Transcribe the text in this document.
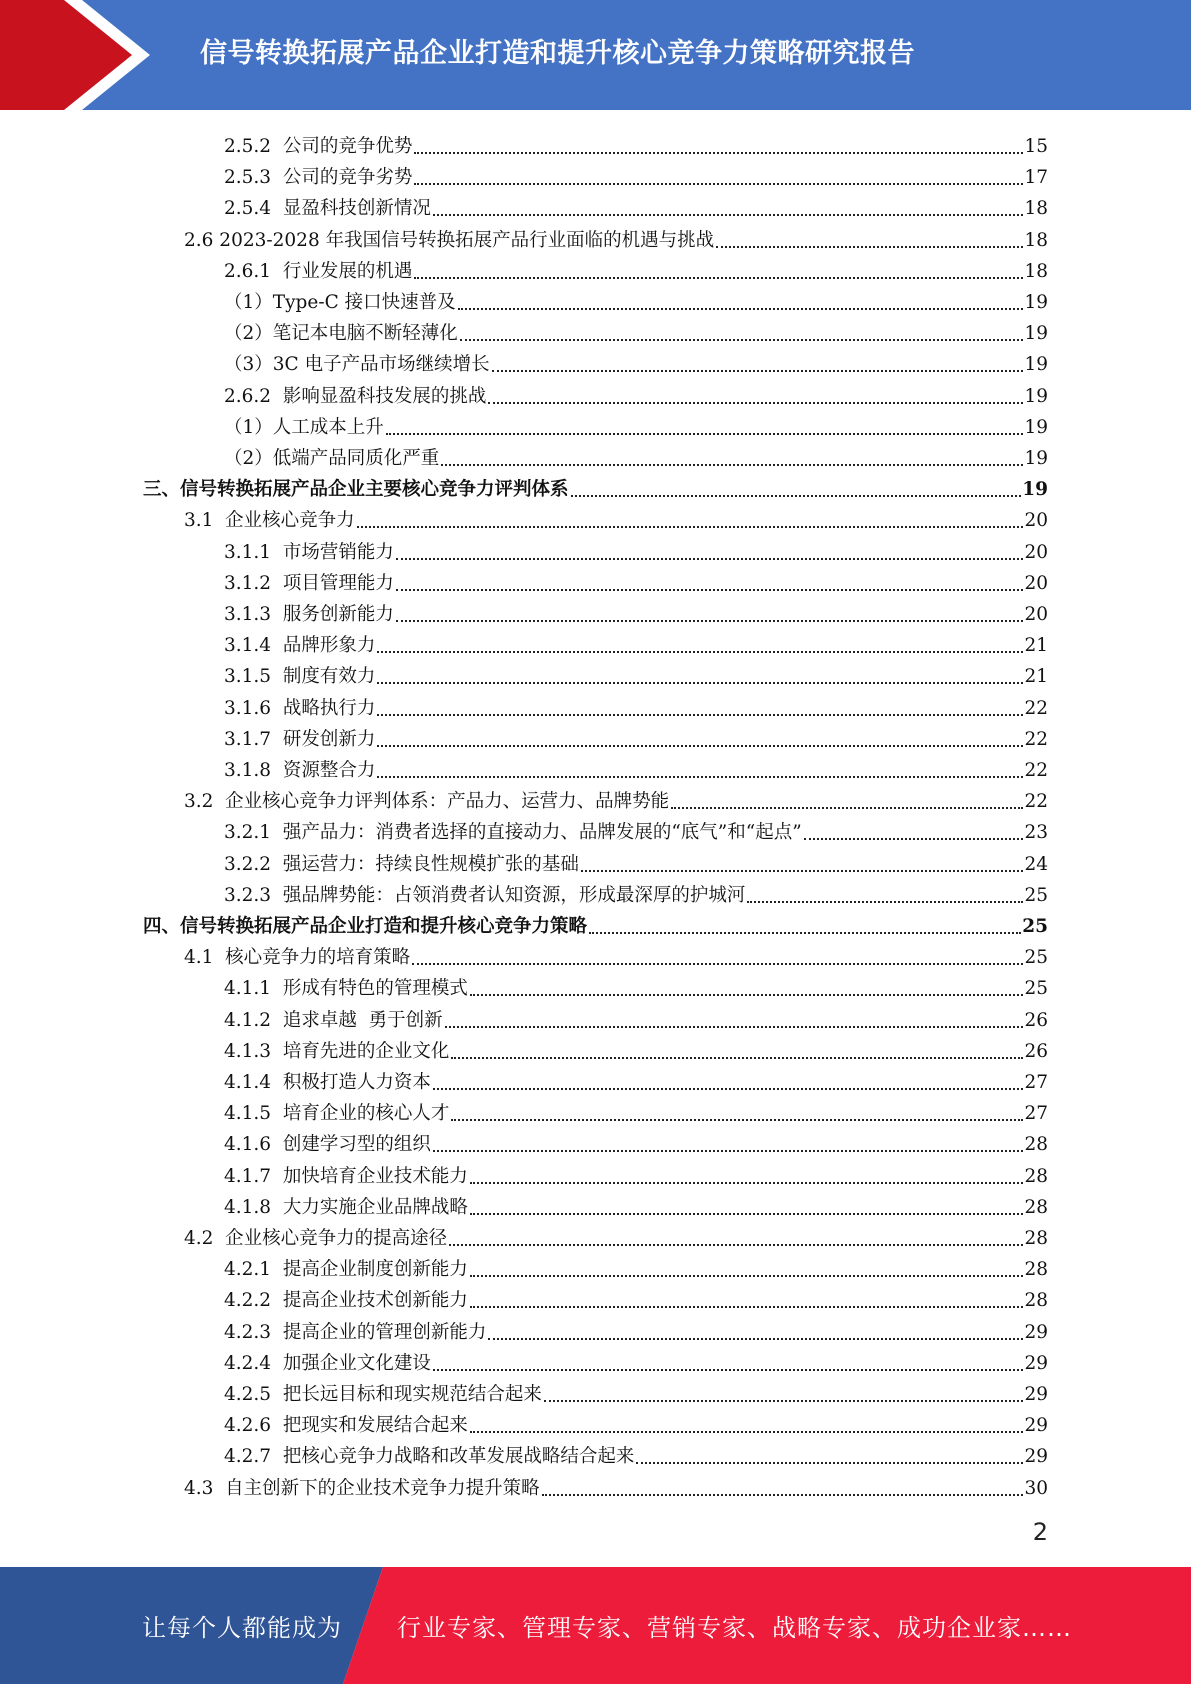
信号转换拓展产品企业打造和提升核心竞争力策略研究报告
2.5.2  公司的竞争优势	15
2.5.3  公司的竞争劣势	17
2.5.4  显盈科技创新情况	18
2.6 2023-2028 年我国信号转换拓展产品行业面临的机遇与挑战	18
2.6.1  行业发展的机遇	18
（1）Type-C 接口快速普及	19
（2）笔记本电脑不断轻薄化	19
（3）3C 电子产品市场继续增长	19
2.6.2  影响显盈科技发展的挑战	19
（1）人工成本上升	19
（2）低端产品同质化严重	19
三、信号转换拓展产品企业主要核心竞争力评判体系	19
3.1  企业核心竞争力	20
3.1.1  市场营销能力	20
3.1.2  项目管理能力	20
3.1.3  服务创新能力	20
3.1.4  品牌形象力	21
3.1.5  制度有效力	21
3.1.6  战略执行力	22
3.1.7  研发创新力	22
3.1.8  资源整合力	22
3.2  企业核心竞争力评判体系：产品力、运营力、品牌势能	22
3.2.1  强产品力：消费者选择的直接动力、品牌发展的“底气”和“起点”	23
3.2.2  强运营力：持续良性规模扩张的基础	24
3.2.3  强品牌势能：占领消费者认知资源，形成最深厚的护城河	25
四、信号转换拓展产品企业打造和提升核心竞争力策略	25
4.1  核心竞争力的培育策略	25
4.1.1  形成有特色的管理模式	25
4.1.2  追求卓越  勇于创新	26
4.1.3  培育先进的企业文化	26
4.1.4  积极打造人力资本	27
4.1.5  培育企业的核心人才	27
4.1.6  创建学习型的组织	28
4.1.7  加快培育企业技术能力	28
4.1.8  大力实施企业品牌战略	28
4.2  企业核心竞争力的提高途径	28
4.2.1  提高企业制度创新能力	28
4.2.2  提高企业技术创新能力	28
4.2.3  提高企业的管理创新能力	29
4.2.4  加强企业文化建设	29
4.2.5  把长远目标和现实规范结合起来	29
4.2.6  把现实和发展结合起来	29
4.2.7  把核心竞争力战略和改革发展战略结合起来	29
4.3  自主创新下的企业技术竞争力提升策略	30
2
让每个人都能成为 行业专家、管理专家、营销专家、战略专家、成功企业家……
